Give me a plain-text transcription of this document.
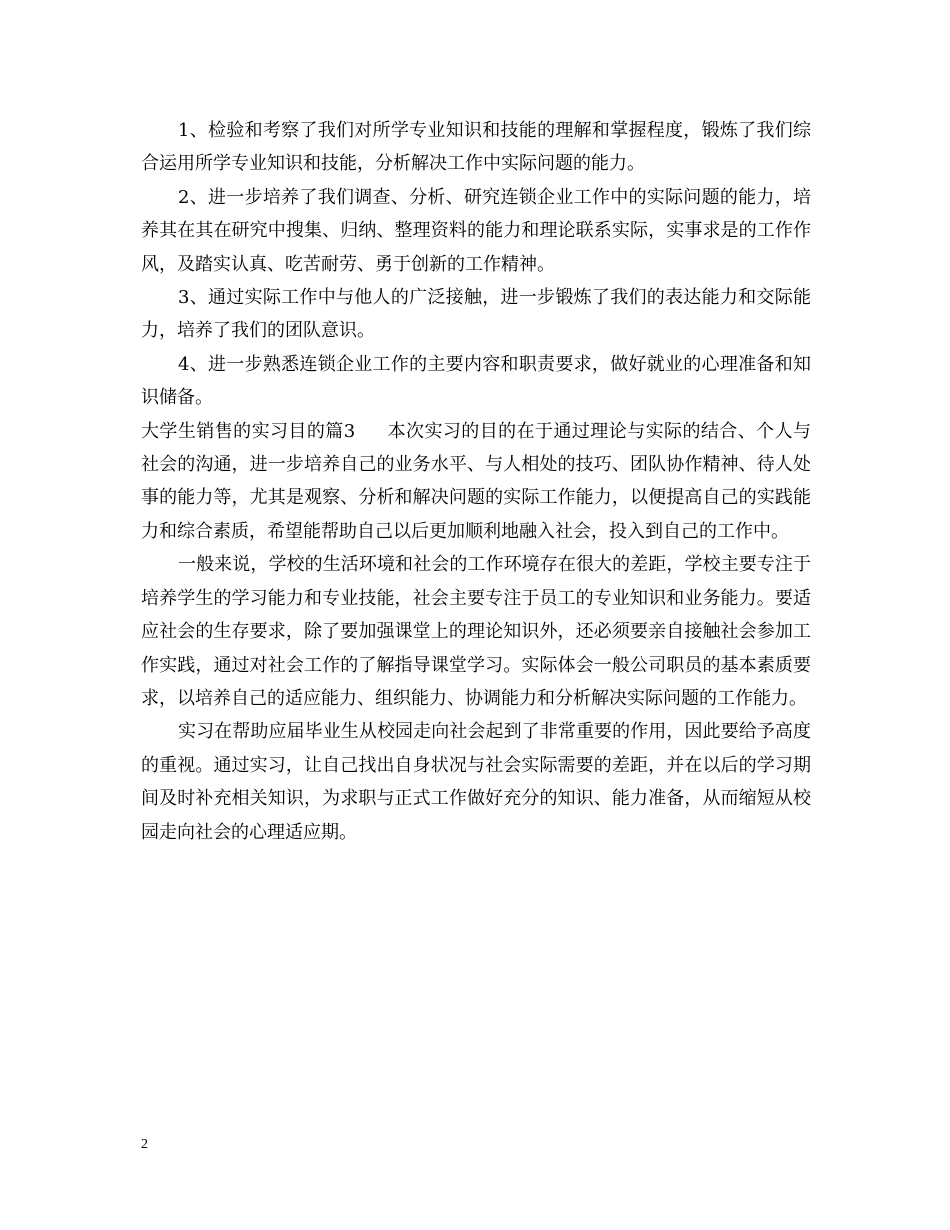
1、检验和考察了我们对所学专业知识和技能的理解和掌握程度，锻炼了我们综合运用所学专业知识和技能，分析解决工作中实际问题的能力。

2、进一步培养了我们调查、分析、研究连锁企业工作中的实际问题的能力，培养其在其在研究中搜集、归纳、整理资料的能力和理论联系实际，实事求是的工作作风，及踏实认真、吃苦耐劳、勇于创新的工作精神。

3、通过实际工作中与他人的广泛接触，进一步锻炼了我们的表达能力和交际能力，培养了我们的团队意识。

4、进一步熟悉连锁企业工作的主要内容和职责要求，做好就业的心理准备和知识储备。

大学生销售的实习目的篇3 本次实习的目的在于通过理论与实际的结合、个人与社会的沟通，进一步培养自己的业务水平、与人相处的技巧、团队协作精神、待人处事的能力等，尤其是观察、分析和解决问题的实际工作能力，以便提高自己的实践能力和综合素质，希望能帮助自己以后更加顺利地融入社会，投入到自己的工作中。

一般来说，学校的生活环境和社会的工作环境存在很大的差距，学校主要专注于培养学生的学习能力和专业技能，社会主要专注于员工的专业知识和业务能力。要适应社会的生存要求，除了要加强课堂上的理论知识外，还必须要亲自接触社会参加工作实践，通过对社会工作的了解指导课堂学习。实际体会一般公司职员的基本素质要求，以培养自己的适应能力、组织能力、协调能力和分析解决实际问题的工作能力。

实习在帮助应届毕业生从校园走向社会起到了非常重要的作用，因此要给予高度的重视。通过实习，让自己找出自身状况与社会实际需要的差距，并在以后的学习期间及时补充相关知识，为求职与正式工作做好充分的知识、能力准备，从而缩短从校园走向社会的心理适应期。

2
